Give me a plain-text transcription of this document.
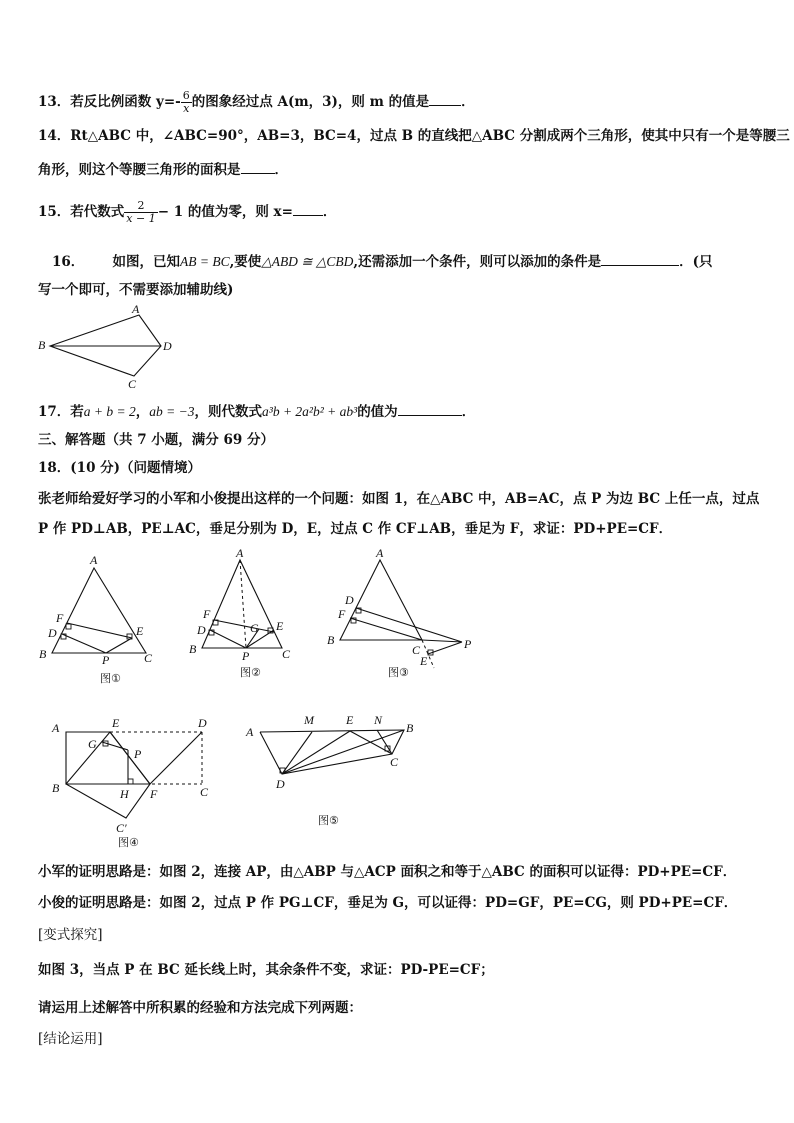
13．若反比例函数 $y=- \frac{6}{x}$ 的图象经过点 A(m，3)，则 m 的值是 ．
14．Rt△ABC 中，∠ABC=90°，AB=3，BC=4，过点 B 的直线把△ABC 分割成两个三角形，使其中只有一个是等腰三
角形，则这个等腰三角形的面积是	．
15．若代数式 $\frac{2}{x - 1} - 1$ 的值为零，则 x= ．
16． 如图，已知AB = BC,要使△ABD ≅ △CBD,还需添加一个条件，则可以添加的条件是	．(只
写一个即可，不需要添加辅助线)
A
B	D
C
17．若a + b = 2，ab = −3，则代数式a³b + 2a²b² + ab³的值为	．
三、解答题（共 7 小题，满分 69 分）
18．(10 分)（问题情境）
张老师给爱好学习的小军和小俊提出这样的一个问题：如图 1，在△ABC 中，AB=AC，点 P 为边 BC 上任一点，过点
P 作 PD⊥AB，PE⊥AC，垂足分别为 D，E，过点 C 作 CF⊥AB，垂足为 F，求证：PD+PE=CF．
A
F
D	E
B	P	C
图①
A
F
D	G E
B	P	C
图②
A
D
F
B
C
E
P
图③
A	E	D
G
P
B	H F	C
C′
图④
A
M	E N
B
C
D
图⑤
小军的证明思路是：如图 2，连接 AP，由△ABP 与△ACP 面积之和等于△ABC 的面积可以证得：PD+PE=CF．
小俊的证明思路是：如图 2，过点 P 作 PG⊥CF，垂足为 G，可以证得：PD=GF，PE=CG，则 PD+PE=CF．
[变式探究]
如图 3，当点 P 在 BC 延长线上时，其余条件不变，求证：PD-PE=CF；
请运用上述解答中所积累的经验和方法完成下列两题：
[结论运用]
